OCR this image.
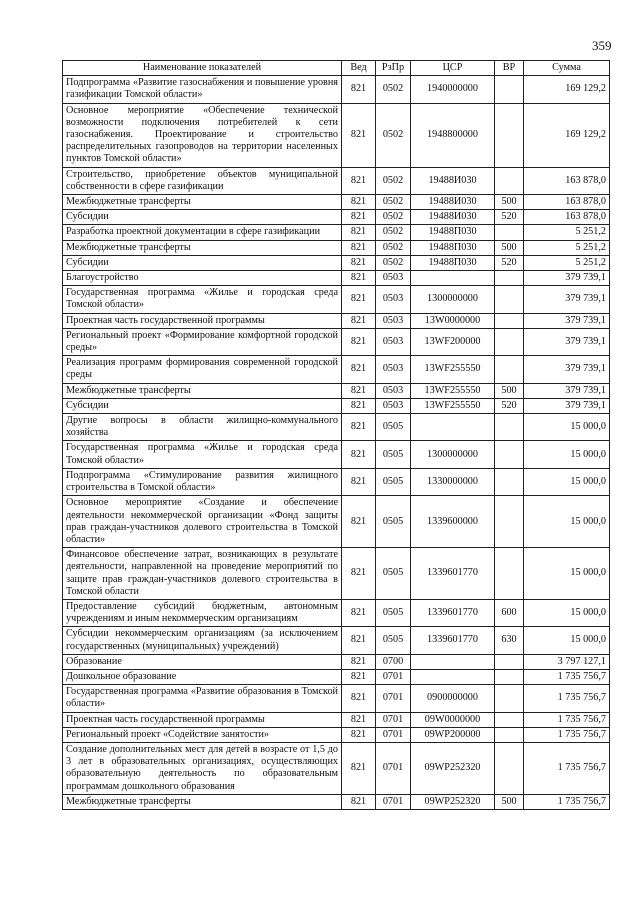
359
Наименование показателей	Вед	РзПр	ЦСР	ВР	Сумма
Подпрограмма «Развитие газоснабжения и повышение уровня газификации Томской области»	821	0502	1940000000		169 129,2
Основное мероприятие «Обеспечение технической возможности подключения потребителей к сети газоснабжения. Проектирование и строительство распределительных газопроводов на территории населенных пунктов Томской области»	821	0502	1948800000		169 129,2
Строительство, приобретение объектов муниципальной собственности в сфере газификации	821	0502	19488И030		163 878,0
Межбюджетные трансферты	821	0502	19488И030	500	163 878,0
Субсидии	821	0502	19488И030	520	163 878,0
Разработка проектной документации в сфере газификации	821	0502	19488П030		5 251,2
Межбюджетные трансферты	821	0502	19488П030	500	5 251,2
Субсидии	821	0502	19488П030	520	5 251,2
Благоустройство	821	0503			379 739,1
Государственная программа «Жилье и городская среда Томской области»	821	0503	1300000000		379 739,1
Проектная часть государственной программы	821	0503	13W0000000		379 739,1
Региональный проект «Формирование комфортной городской среды»	821	0503	13WF200000		379 739,1
Реализация программ формирования современной городской среды	821	0503	13WF255550		379 739,1
Межбюджетные трансферты	821	0503	13WF255550	500	379 739,1
Субсидии	821	0503	13WF255550	520	379 739,1
Другие вопросы в области жилищно-коммунального хозяйства	821	0505			15 000,0
Государственная программа «Жилье и городская среда Томской области»	821	0505	1300000000		15 000,0
Подпрограмма «Стимулирование развития жилищного строительства в Томской области»	821	0505	1330000000		15 000,0
Основное мероприятие «Создание и обеспечение деятельности некоммерческой организации «Фонд защиты прав граждан-участников долевого строительства в Томской области»	821	0505	1339600000		15 000,0
Финансовое обеспечение затрат, возникающих в результате деятельности, направленной на проведение мероприятий по защите прав граждан-участников долевого строительства в Томской области	821	0505	1339601770		15 000,0
Предоставление субсидий бюджетным, автономным учреждениям и иным некоммерческим организациям	821	0505	1339601770	600	15 000,0
Субсидии некоммерческим организациям (за исключением государственных (муниципальных) учреждений)	821	0505	1339601770	630	15 000,0
Образование	821	0700			3 797 127,1
Дошкольное образование	821	0701			1 735 756,7
Государственная программа «Развитие образования в Томской области»	821	0701	0900000000		1 735 756,7
Проектная часть государственной программы	821	0701	09W0000000		1 735 756,7
Региональный проект «Содействие занятости»	821	0701	09WP200000		1 735 756,7
Создание дополнительных мест для детей в возрасте от 1,5 до 3 лет в образовательных организациях, осуществляющих образовательную деятельность по образовательным программам дошкольного образования	821	0701	09WP252320		1 735 756,7
Межбюджетные трансферты	821	0701	09WP252320	500	1 735 756,7
